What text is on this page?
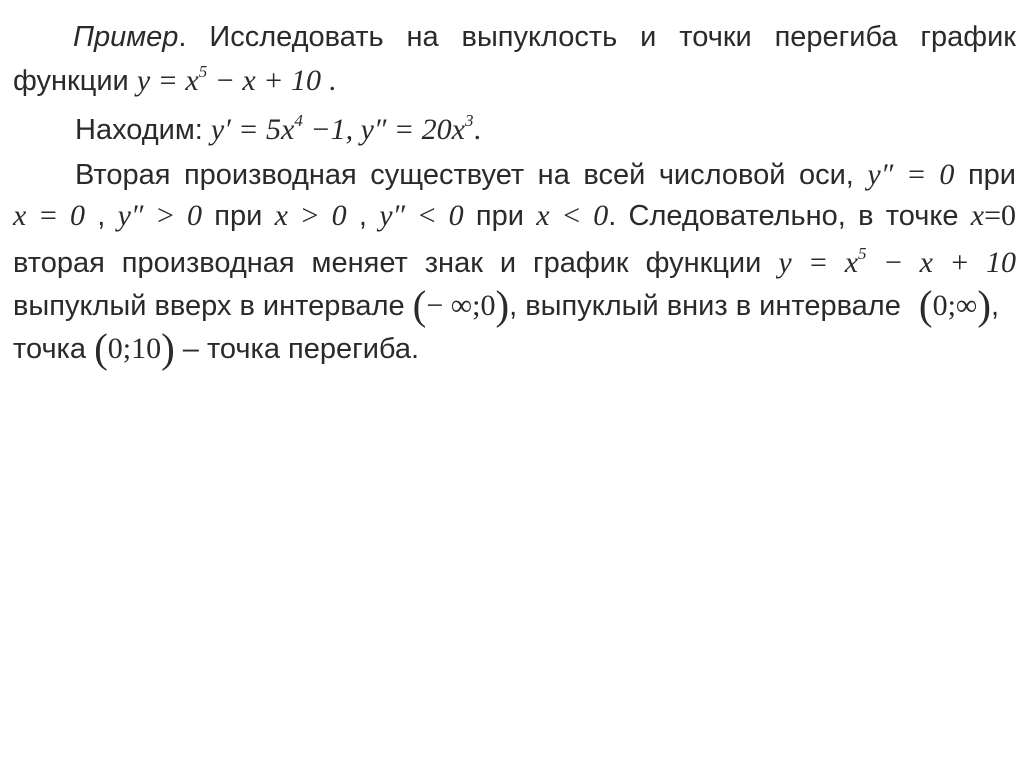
Пример. Исследовать на выпуклость и точки перегиба график
функции $y = x^5 - x + 10$ .
Находим: $y' = 5x^4 -1$, $y'' = 20x^3$.
Вторая производная существует на всей числовой оси, y″ = 0 при
x = 0 , y″ > 0 при x > 0 , y″ < 0 при x < 0. Следовательно, в точке x=0
вторая производная меняет знак и график функции $y = x^5 - x + 10$
выпуклый вверх в интервале (− ∞;0), выпуклый вниз в интервале (0;∞),
точка (0;10) – точка перегиба.
